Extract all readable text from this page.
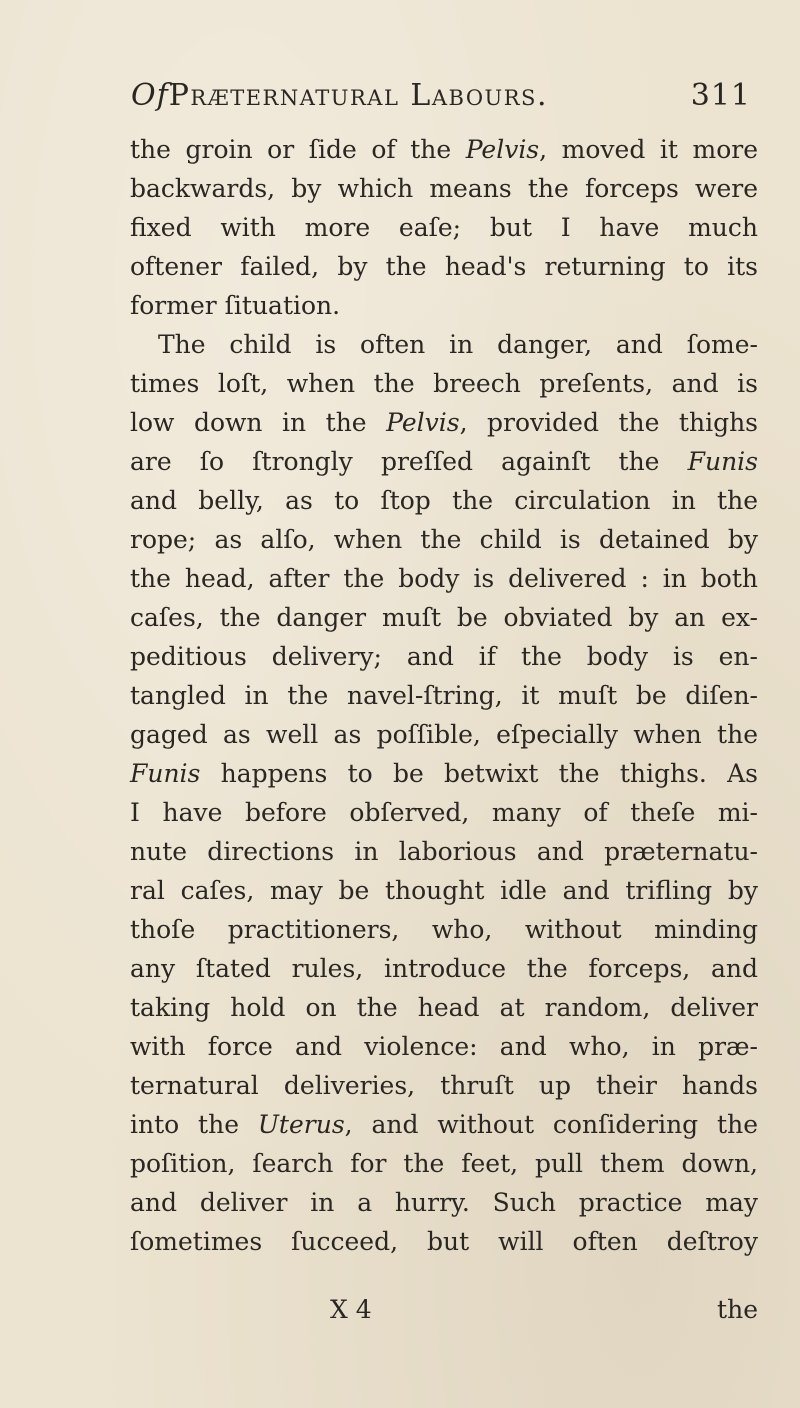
OfPræternatural Labours.	311
the groin or ſide of the Pelvis, moved it more
backwards, by which means the forceps were
fixed with more eaſe; but I have much
oftener failed, by the head's returning to its
former ſituation.
The child is often in danger, and ſome-
times loſt, when the breech preſents, and is
low down in the Pelvis, provided the thighs
are ſo ſtrongly preſſed againſt the Funis
and belly, as to ſtop the circulation in the
rope; as alſo, when the child is detained by
the head, after the body is delivered : in both
caſes, the danger muſt be obviated by an ex-
peditious delivery; and if the body is en-
tangled in the navel-ſtring, it muſt be diſen-
gaged as well as poſſible, eſpecially when the
Funis happens to be betwixt the thighs. As
I have before obſerved, many of theſe mi-
nute directions in laborious and præternatu-
ral caſes, may be thought idle and trifling by
thoſe practitioners, who, without minding
any ſtated rules, introduce the forceps, and
taking hold on the head at random, deliver
with force and violence: and who, in præ-
ternatural deliveries, thruſt up their hands
into the Uterus, and without conſidering the
poſition, ſearch for the feet, pull them down,
and deliver in a hurry. Such practice may
ſometimes ſucceed, but will often deſtroy
X 4	the
